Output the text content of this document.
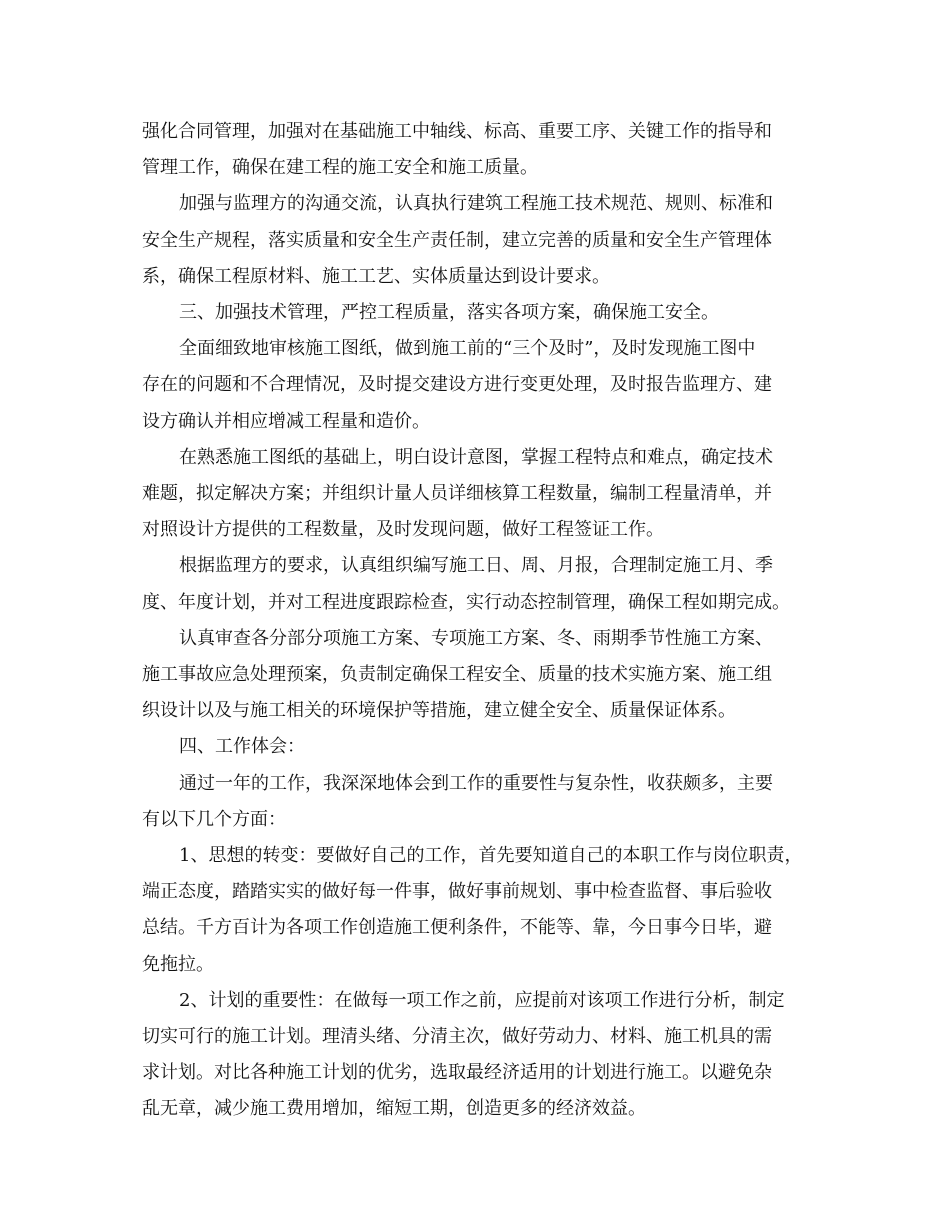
强化合同管理，加强对在基础施工中轴线、标高、重要工序、关键工作的指导和
管理工作，确保在建工程的施工安全和施工质量。

加强与监理方的沟通交流，认真执行建筑工程施工技术规范、规则、标准和
安全生产规程，落实质量和安全生产责任制，建立完善的质量和安全生产管理体
系，确保工程原材料、施工工艺、实体质量达到设计要求。

三、加强技术管理，严控工程质量，落实各项方案，确保施工安全。

全面细致地审核施工图纸，做到施工前的“三个及时”，及时发现施工图中
存在的问题和不合理情况，及时提交建设方进行变更处理，及时报告监理方、建
设方确认并相应增减工程量和造价。

在熟悉施工图纸的基础上，明白设计意图，掌握工程特点和难点，确定技术
难题，拟定解决方案；并组织计量人员详细核算工程数量，编制工程量清单，并
对照设计方提供的工程数量，及时发现问题，做好工程签证工作。

根据监理方的要求，认真组织编写施工日、周、月报，合理制定施工月、季
度、年度计划，并对工程进度跟踪检查，实行动态控制管理，确保工程如期完成。

认真审查各分部分项施工方案、专项施工方案、冬、雨期季节性施工方案、
施工事故应急处理预案，负责制定确保工程安全、质量的技术实施方案、施工组
织设计以及与施工相关的环境保护等措施，建立健全安全、质量保证体系。

四、工作体会：

通过一年的工作，我深深地体会到工作的重要性与复杂性，收获颇多，主要
有以下几个方面：

1、思想的转变：要做好自己的工作，首先要知道自己的本职工作与岗位职责，
端正态度，踏踏实实的做好每一件事，做好事前规划、事中检查监督、事后验收
总结。千方百计为各项工作创造施工便利条件，不能等、靠，今日事今日毕，避
免拖拉。

2、计划的重要性：在做每一项工作之前，应提前对该项工作进行分析，制定
切实可行的施工计划。理清头绪、分清主次，做好劳动力、材料、施工机具的需
求计划。对比各种施工计划的优劣，选取最经济适用的计划进行施工。以避免杂
乱无章，减少施工费用增加，缩短工期，创造更多的经济效益。
